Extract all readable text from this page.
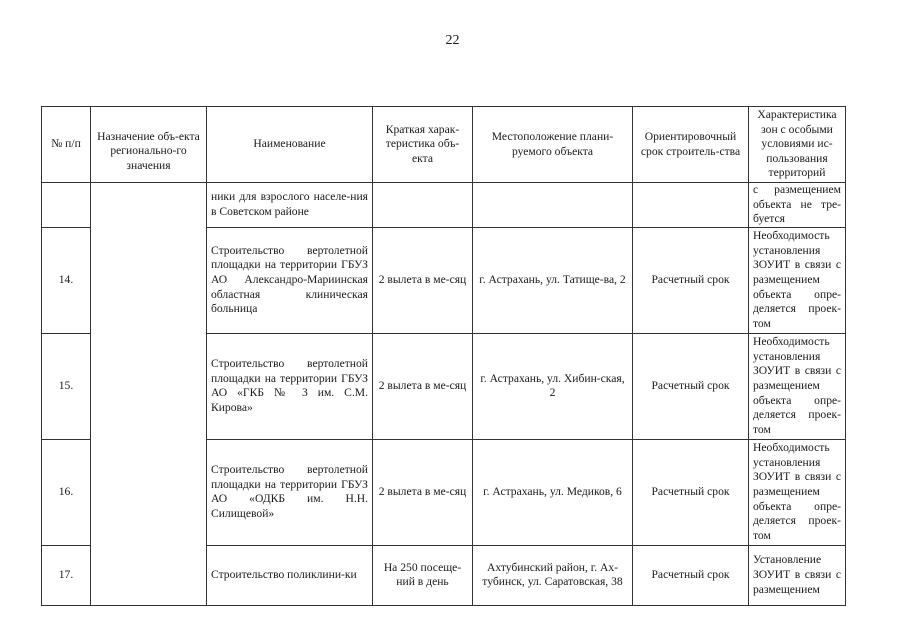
22
№ п/п	Назначение объ-екта регионально-го значения	Наименование	Краткая харак-теристика объ-екта	Местоположение плани-руемого объекта	Ориентировочный срок строитель-ства	Характеристика зон с особыми условиями ис-пользования территорий
		ники для взрослого населе-ния в Советском районе				с размещением объекта не тре-буется
14.		Строительство вертолетной площадки на территории ГБУЗ АО Александро-Мариинская областная клиническая больница	2 вылета в ме-сяц	г. Астрахань, ул. Татище-ва, 2	Расчетный срок	Необходимость установления ЗОУИТ в связи с размещением объекта опре-деляется проек-том
15.		Строительство вертолетной площадки на территории ГБУЗ АО «ГКБ № 3 им. С.М. Кирова»	2 вылета в ме-сяц	г. Астрахань, ул. Хибин-ская, 2	Расчетный срок	Необходимость установления ЗОУИТ в связи с размещением объекта опре-деляется проек-том
16.		Строительство вертолетной площадки на территории ГБУЗ АО «ОДКБ им. Н.Н. Силищевой»	2 вылета в ме-сяц	г. Астрахань, ул. Медиков, 6	Расчетный срок	Необходимость установления ЗОУИТ в связи с размещением объекта опре-деляется проек-том
17.		Строительство поликлини-ки	На 250 посеще-ний в день	Ахтубинский район, г. Ах-тубинск, ул. Саратовская, 38	Расчетный срок	Установление ЗОУИТ в связи с размещением
